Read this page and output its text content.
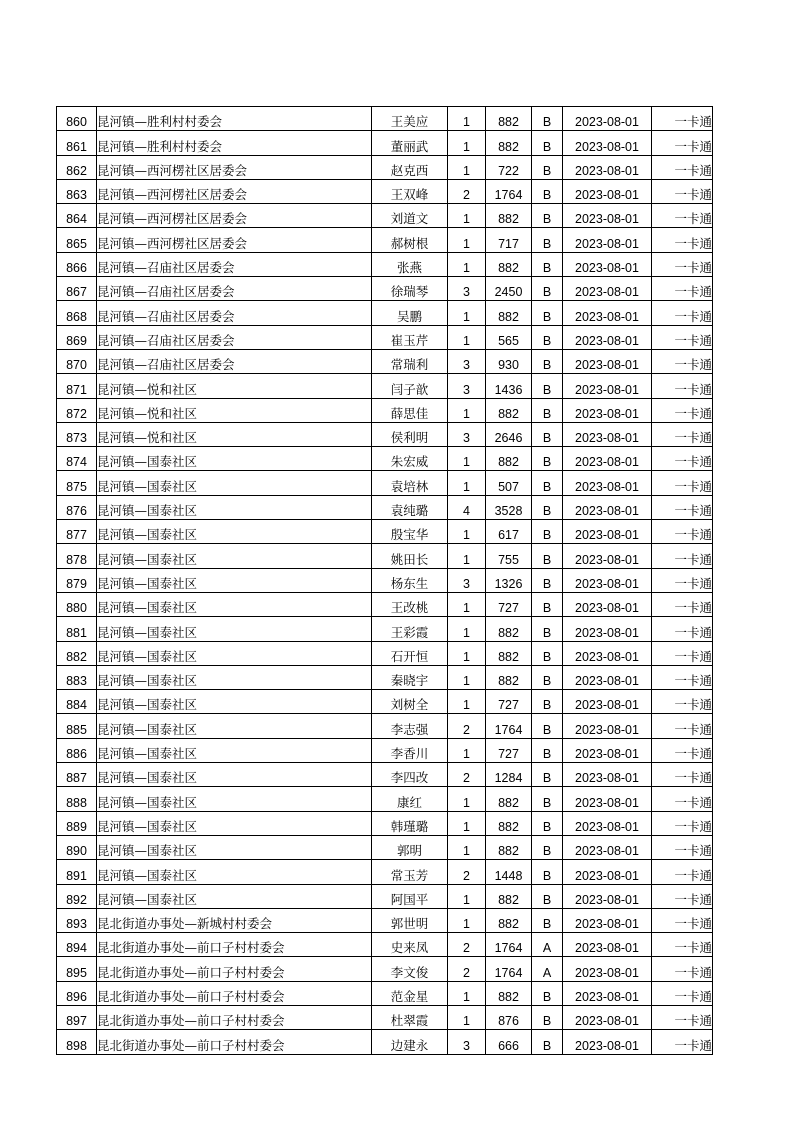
860	昆河镇—胜利村村委会	王美应	1	882	B	2023-08-01	一卡通
861	昆河镇—胜利村村委会	董丽武	1	882	B	2023-08-01	一卡通
862	昆河镇—西河楞社区居委会	赵克西	1	722	B	2023-08-01	一卡通
863	昆河镇—西河楞社区居委会	王双峰	2	1764	B	2023-08-01	一卡通
864	昆河镇—西河楞社区居委会	刘道文	1	882	B	2023-08-01	一卡通
865	昆河镇—西河楞社区居委会	郝树根	1	717	B	2023-08-01	一卡通
866	昆河镇—召庙社区居委会	张燕	1	882	B	2023-08-01	一卡通
867	昆河镇—召庙社区居委会	徐瑞琴	3	2450	B	2023-08-01	一卡通
868	昆河镇—召庙社区居委会	吴鹏	1	882	B	2023-08-01	一卡通
869	昆河镇—召庙社区居委会	崔玉芹	1	565	B	2023-08-01	一卡通
870	昆河镇—召庙社区居委会	常瑞利	3	930	B	2023-08-01	一卡通
871	昆河镇—悦和社区	闫子歆	3	1436	B	2023-08-01	一卡通
872	昆河镇—悦和社区	薛思佳	1	882	B	2023-08-01	一卡通
873	昆河镇—悦和社区	侯利明	3	2646	B	2023-08-01	一卡通
874	昆河镇—国泰社区	朱宏威	1	882	B	2023-08-01	一卡通
875	昆河镇—国泰社区	袁培林	1	507	B	2023-08-01	一卡通
876	昆河镇—国泰社区	袁纯璐	4	3528	B	2023-08-01	一卡通
877	昆河镇—国泰社区	殷宝华	1	617	B	2023-08-01	一卡通
878	昆河镇—国泰社区	姚田长	1	755	B	2023-08-01	一卡通
879	昆河镇—国泰社区	杨东生	3	1326	B	2023-08-01	一卡通
880	昆河镇—国泰社区	王改桃	1	727	B	2023-08-01	一卡通
881	昆河镇—国泰社区	王彩霞	1	882	B	2023-08-01	一卡通
882	昆河镇—国泰社区	石开恒	1	882	B	2023-08-01	一卡通
883	昆河镇—国泰社区	秦晓宇	1	882	B	2023-08-01	一卡通
884	昆河镇—国泰社区	刘树全	1	727	B	2023-08-01	一卡通
885	昆河镇—国泰社区	李志强	2	1764	B	2023-08-01	一卡通
886	昆河镇—国泰社区	李香川	1	727	B	2023-08-01	一卡通
887	昆河镇—国泰社区	李四改	2	1284	B	2023-08-01	一卡通
888	昆河镇—国泰社区	康红	1	882	B	2023-08-01	一卡通
889	昆河镇—国泰社区	韩瑾璐	1	882	B	2023-08-01	一卡通
890	昆河镇—国泰社区	郭明	1	882	B	2023-08-01	一卡通
891	昆河镇—国泰社区	常玉芳	2	1448	B	2023-08-01	一卡通
892	昆河镇—国泰社区	阿国平	1	882	B	2023-08-01	一卡通
893	昆北街道办事处—新城村村委会	郭世明	1	882	B	2023-08-01	一卡通
894	昆北街道办事处—前口子村村委会	史来凤	2	1764	A	2023-08-01	一卡通
895	昆北街道办事处—前口子村村委会	李文俊	2	1764	A	2023-08-01	一卡通
896	昆北街道办事处—前口子村村委会	范金星	1	882	B	2023-08-01	一卡通
897	昆北街道办事处—前口子村村委会	杜翠霞	1	876	B	2023-08-01	一卡通
898	昆北街道办事处—前口子村村委会	边建永	3	666	B	2023-08-01	一卡通
